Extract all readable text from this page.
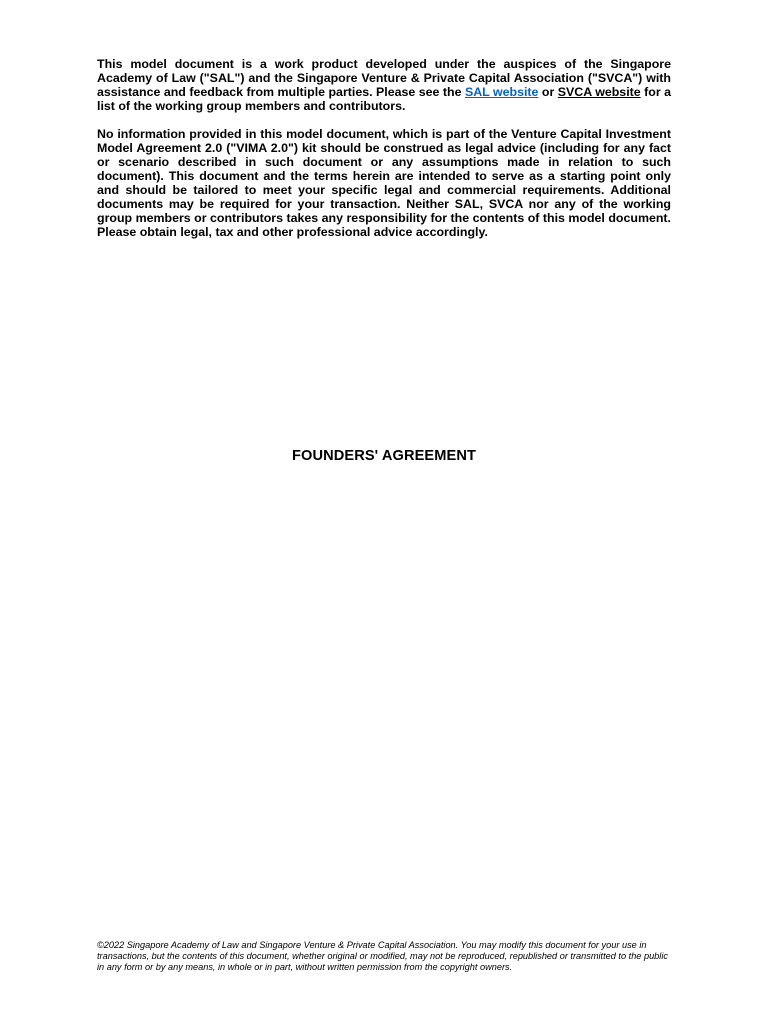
This model document is a work product developed under the auspices of the Singapore Academy of Law ("SAL") and the Singapore Venture & Private Capital Association ("SVCA") with assistance and feedback from multiple parties. Please see the SAL website or SVCA website for a list of the working group members and contributors.

No information provided in this model document, which is part of the Venture Capital Investment Model Agreement 2.0 ("VIMA 2.0") kit should be construed as legal advice (including for any fact or scenario described in such document or any assumptions made in relation to such document). This document and the terms herein are intended to serve as a starting point only and should be tailored to meet your specific legal and commercial requirements. Additional documents may be required for your transaction. Neither SAL, SVCA nor any of the working group members or contributors takes any responsibility for the contents of this model document. Please obtain legal, tax and other professional advice accordingly.

FOUNDERS' AGREEMENT
©2022 Singapore Academy of Law and Singapore Venture & Private Capital Association. You may modify this document for your use in transactions, but the contents of this document, whether original or modified, may not be reproduced, republished or transmitted to the public in any form or by any means, in whole or in part, without written permission from the copyright owners.
